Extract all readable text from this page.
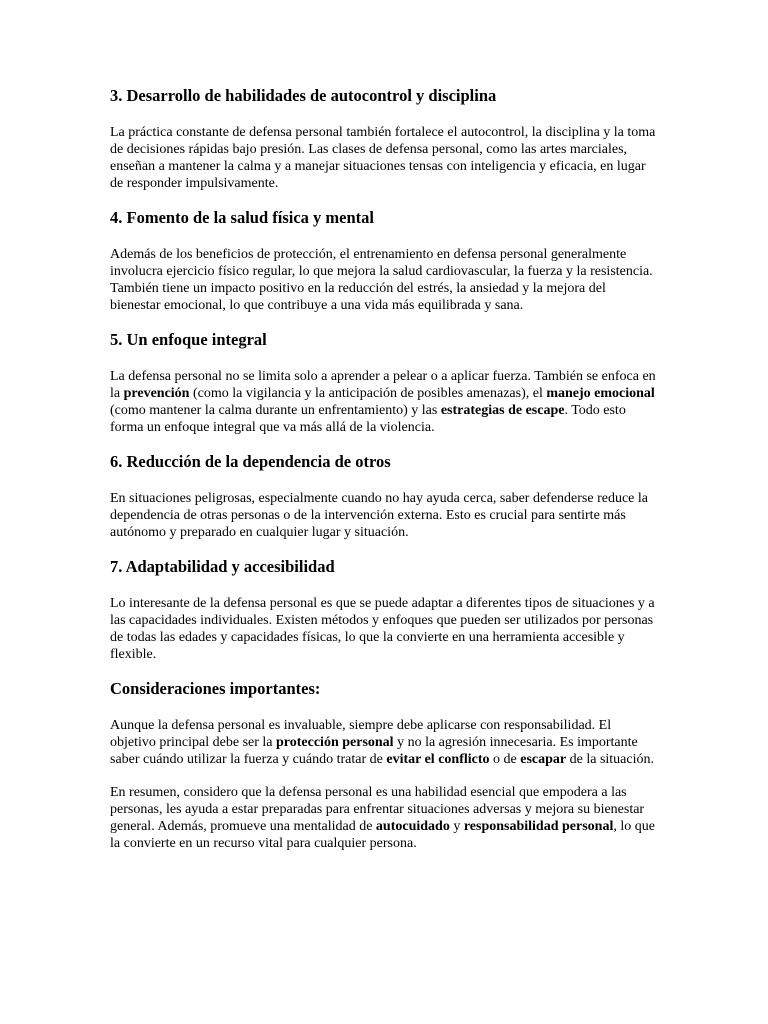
3. Desarrollo de habilidades de autocontrol y disciplina

La práctica constante de defensa personal también fortalece el autocontrol, la disciplina y la toma de decisiones rápidas bajo presión. Las clases de defensa personal, como las artes marciales, enseñan a mantener la calma y a manejar situaciones tensas con inteligencia y eficacia, en lugar de responder impulsivamente.

4. Fomento de la salud física y mental

Además de los beneficios de protección, el entrenamiento en defensa personal generalmente involucra ejercicio físico regular, lo que mejora la salud cardiovascular, la fuerza y la resistencia. También tiene un impacto positivo en la reducción del estrés, la ansiedad y la mejora del bienestar emocional, lo que contribuye a una vida más equilibrada y sana.

5. Un enfoque integral

La defensa personal no se limita solo a aprender a pelear o a aplicar fuerza. También se enfoca en la prevención (como la vigilancia y la anticipación de posibles amenazas), el manejo emocional (como mantener la calma durante un enfrentamiento) y las estrategias de escape. Todo esto forma un enfoque integral que va más allá de la violencia.

6. Reducción de la dependencia de otros

En situaciones peligrosas, especialmente cuando no hay ayuda cerca, saber defenderse reduce la dependencia de otras personas o de la intervención externa. Esto es crucial para sentirte más autónomo y preparado en cualquier lugar y situación.

7. Adaptabilidad y accesibilidad

Lo interesante de la defensa personal es que se puede adaptar a diferentes tipos de situaciones y a las capacidades individuales. Existen métodos y enfoques que pueden ser utilizados por personas de todas las edades y capacidades físicas, lo que la convierte en una herramienta accesible y flexible.

Consideraciones importantes:

Aunque la defensa personal es invaluable, siempre debe aplicarse con responsabilidad. El objetivo principal debe ser la protección personal y no la agresión innecesaria. Es importante saber cuándo utilizar la fuerza y cuándo tratar de evitar el conflicto o de escapar de la situación.

En resumen, considero que la defensa personal es una habilidad esencial que empodera a las personas, les ayuda a estar preparadas para enfrentar situaciones adversas y mejora su bienestar general. Además, promueve una mentalidad de autocuidado y responsabilidad personal, lo que la convierte en un recurso vital para cualquier persona.
